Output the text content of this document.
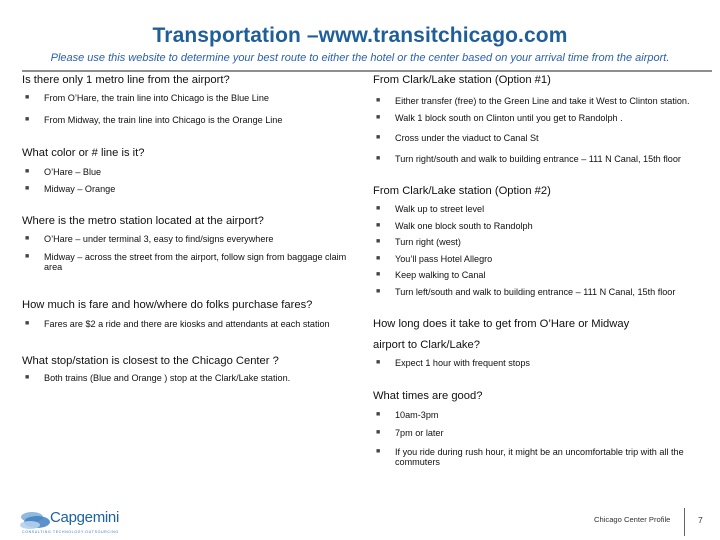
Transportation –www.transitchicago.com
Please use this website to determine your best route to either the hotel or the center based on your arrival time from the airport.

Is there only 1 metro line from the airport?

■ From O’Hare, the train line into Chicago is the Blue Line
■ From Midway, the train line into Chicago is the Orange Line

What color or # line is it?

■ O’Hare – Blue
■ Midway – Orange

Where is the metro station located at the airport?

■ O’Hare – under terminal 3, easy to find/signs everywhere
■ Midway – across the street from the airport, follow sign from baggage claim area

How much is fare and how/where do folks purchase fares?

■ Fares are $2 a ride and there are kiosks and attendants at each station

What stop/station is closest to the Chicago Center ?

■ Both trains (Blue and Orange ) stop at the Clark/Lake station.

From Clark/Lake station (Option #1)

■ Either transfer (free) to the Green Line and take it West to Clinton station.
■ Walk 1 block south on Clinton until you get to Randolph .
■ Cross under the viaduct to Canal St
■ Turn right/south and walk to building entrance – 111 N Canal, 15th floor

From Clark/Lake station (Option #2)

■ Walk up to street level
■ Walk one block south to Randolph
■ Turn right (west)
■ You’ll pass Hotel Allegro
■ Keep walking to Canal
■ Turn left/south and walk to building entrance – 111 N Canal, 15th floor

How long does it take to get from O’Hare or Midway airport to Clark/Lake?

■ Expect 1 hour with frequent stops

What times are good?

■ 10am-3pm
■ 7pm or later
■ If you ride during rush hour, it might be an uncomfortable trip with all the commuters
Capgemini
CONSULTING.TECHNOLOGY.OUTSOURCING
Chicago Center Profile	7
